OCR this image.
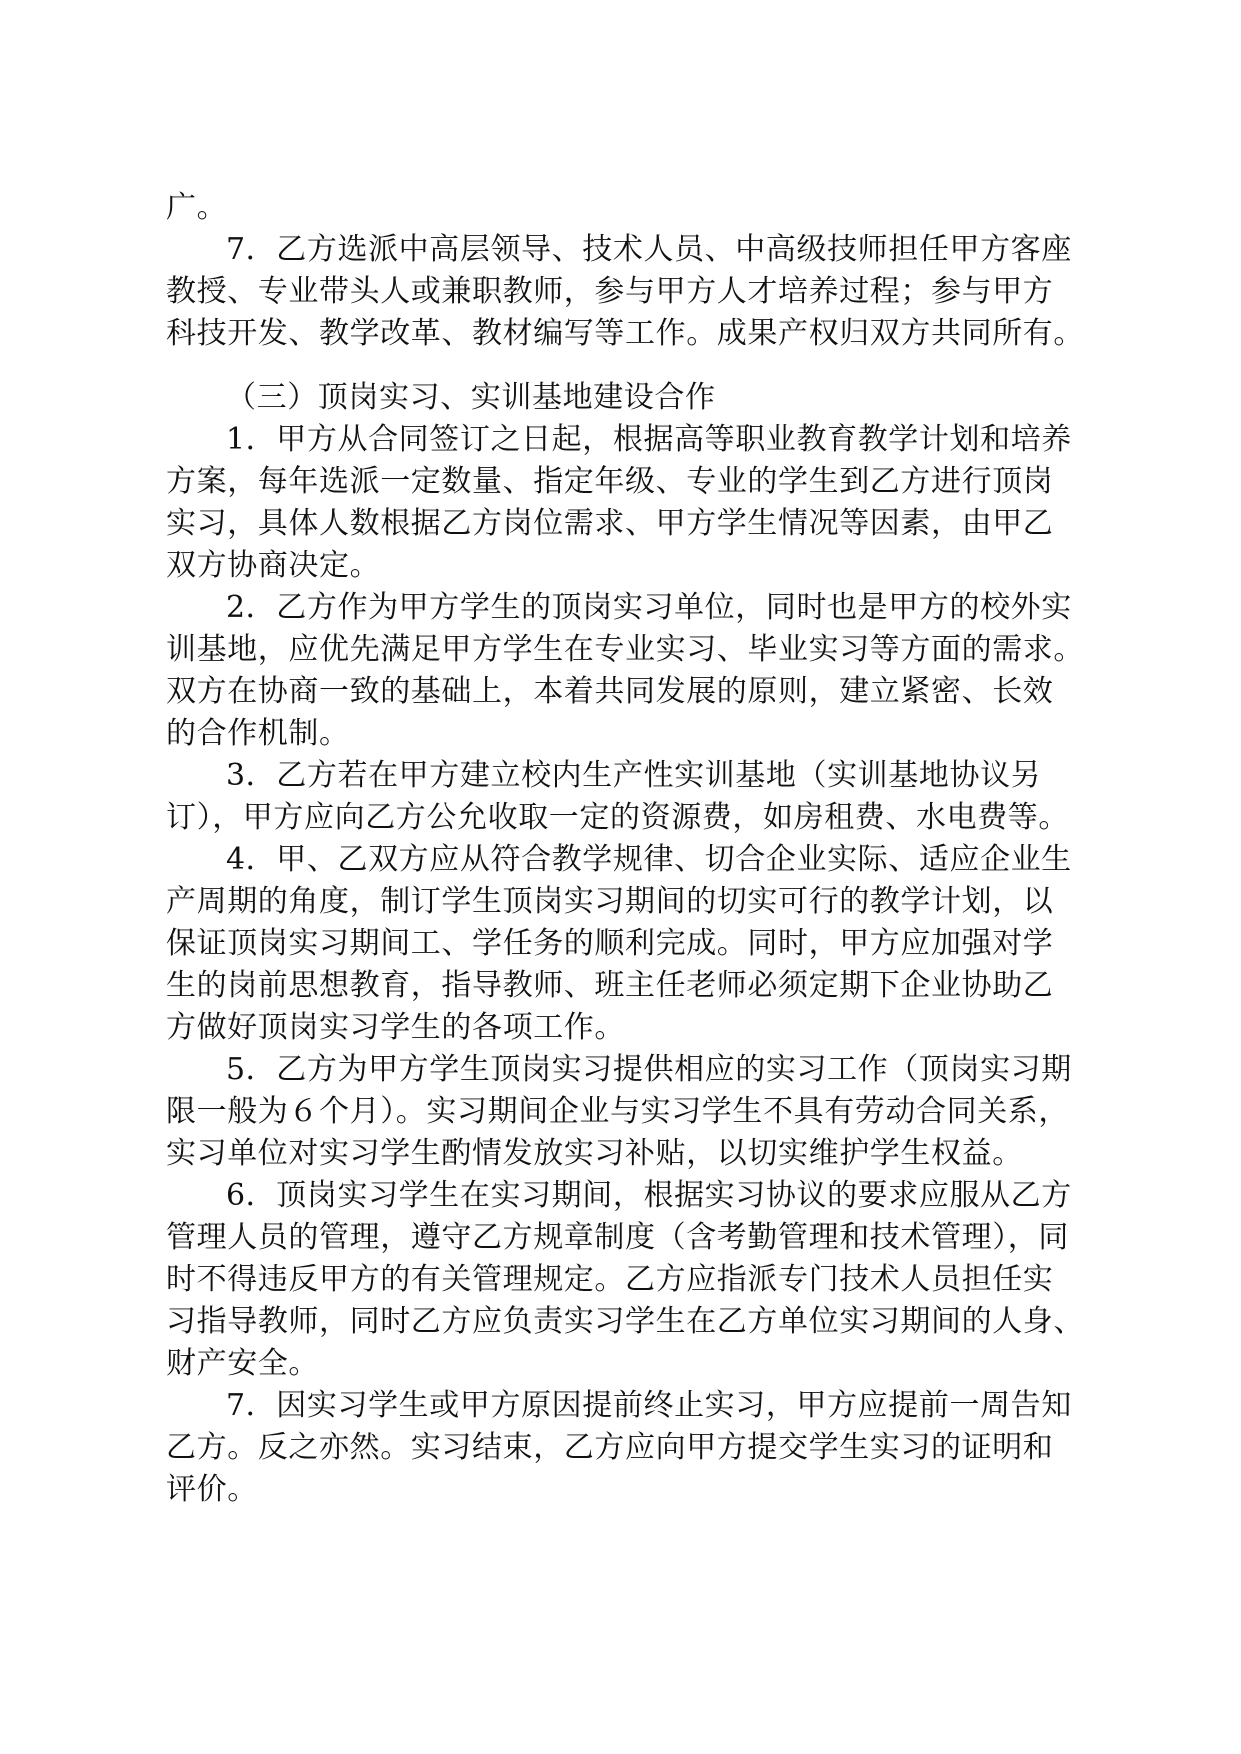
广。
7．乙方选派中高层领导、技术人员、中高级技师担任甲方客座
教授、专业带头人或兼职教师，参与甲方人才培养过程；参与甲方
科技开发、教学改革、教材编写等工作。成果产权归双方共同所有。
（三）顶岗实习、实训基地建设合作
1．甲方从合同签订之日起，根据高等职业教育教学计划和培养
方案，每年选派一定数量、指定年级、专业的学生到乙方进行顶岗
实习，具体人数根据乙方岗位需求、甲方学生情况等因素，由甲乙
双方协商决定。
2．乙方作为甲方学生的顶岗实习单位，同时也是甲方的校外实
训基地，应优先满足甲方学生在专业实习、毕业实习等方面的需求。
双方在协商一致的基础上，本着共同发展的原则，建立紧密、长效
的合作机制。
3．乙方若在甲方建立校内生产性实训基地（实训基地协议另
订），甲方应向乙方公允收取一定的资源费，如房租费、水电费等。
4．甲、乙双方应从符合教学规律、切合企业实际、适应企业生
产周期的角度，制订学生顶岗实习期间的切实可行的教学计划，以
保证顶岗实习期间工、学任务的顺利完成。同时，甲方应加强对学
生的岗前思想教育，指导教师、班主任老师必须定期下企业协助乙
方做好顶岗实习学生的各项工作。
5．乙方为甲方学生顶岗实习提供相应的实习工作（顶岗实习期
限一般为６个月）。实习期间企业与实习学生不具有劳动合同关系，
实习单位对实习学生酌情发放实习补贴，以切实维护学生权益。
6．顶岗实习学生在实习期间，根据实习协议的要求应服从乙方
管理人员的管理，遵守乙方规章制度（含考勤管理和技术管理），同
时不得违反甲方的有关管理规定。乙方应指派专门技术人员担任实
习指导教师，同时乙方应负责实习学生在乙方单位实习期间的人身、
财产安全。
7．因实习学生或甲方原因提前终止实习，甲方应提前一周告知
乙方。反之亦然。实习结束，乙方应向甲方提交学生实习的证明和
评价。
